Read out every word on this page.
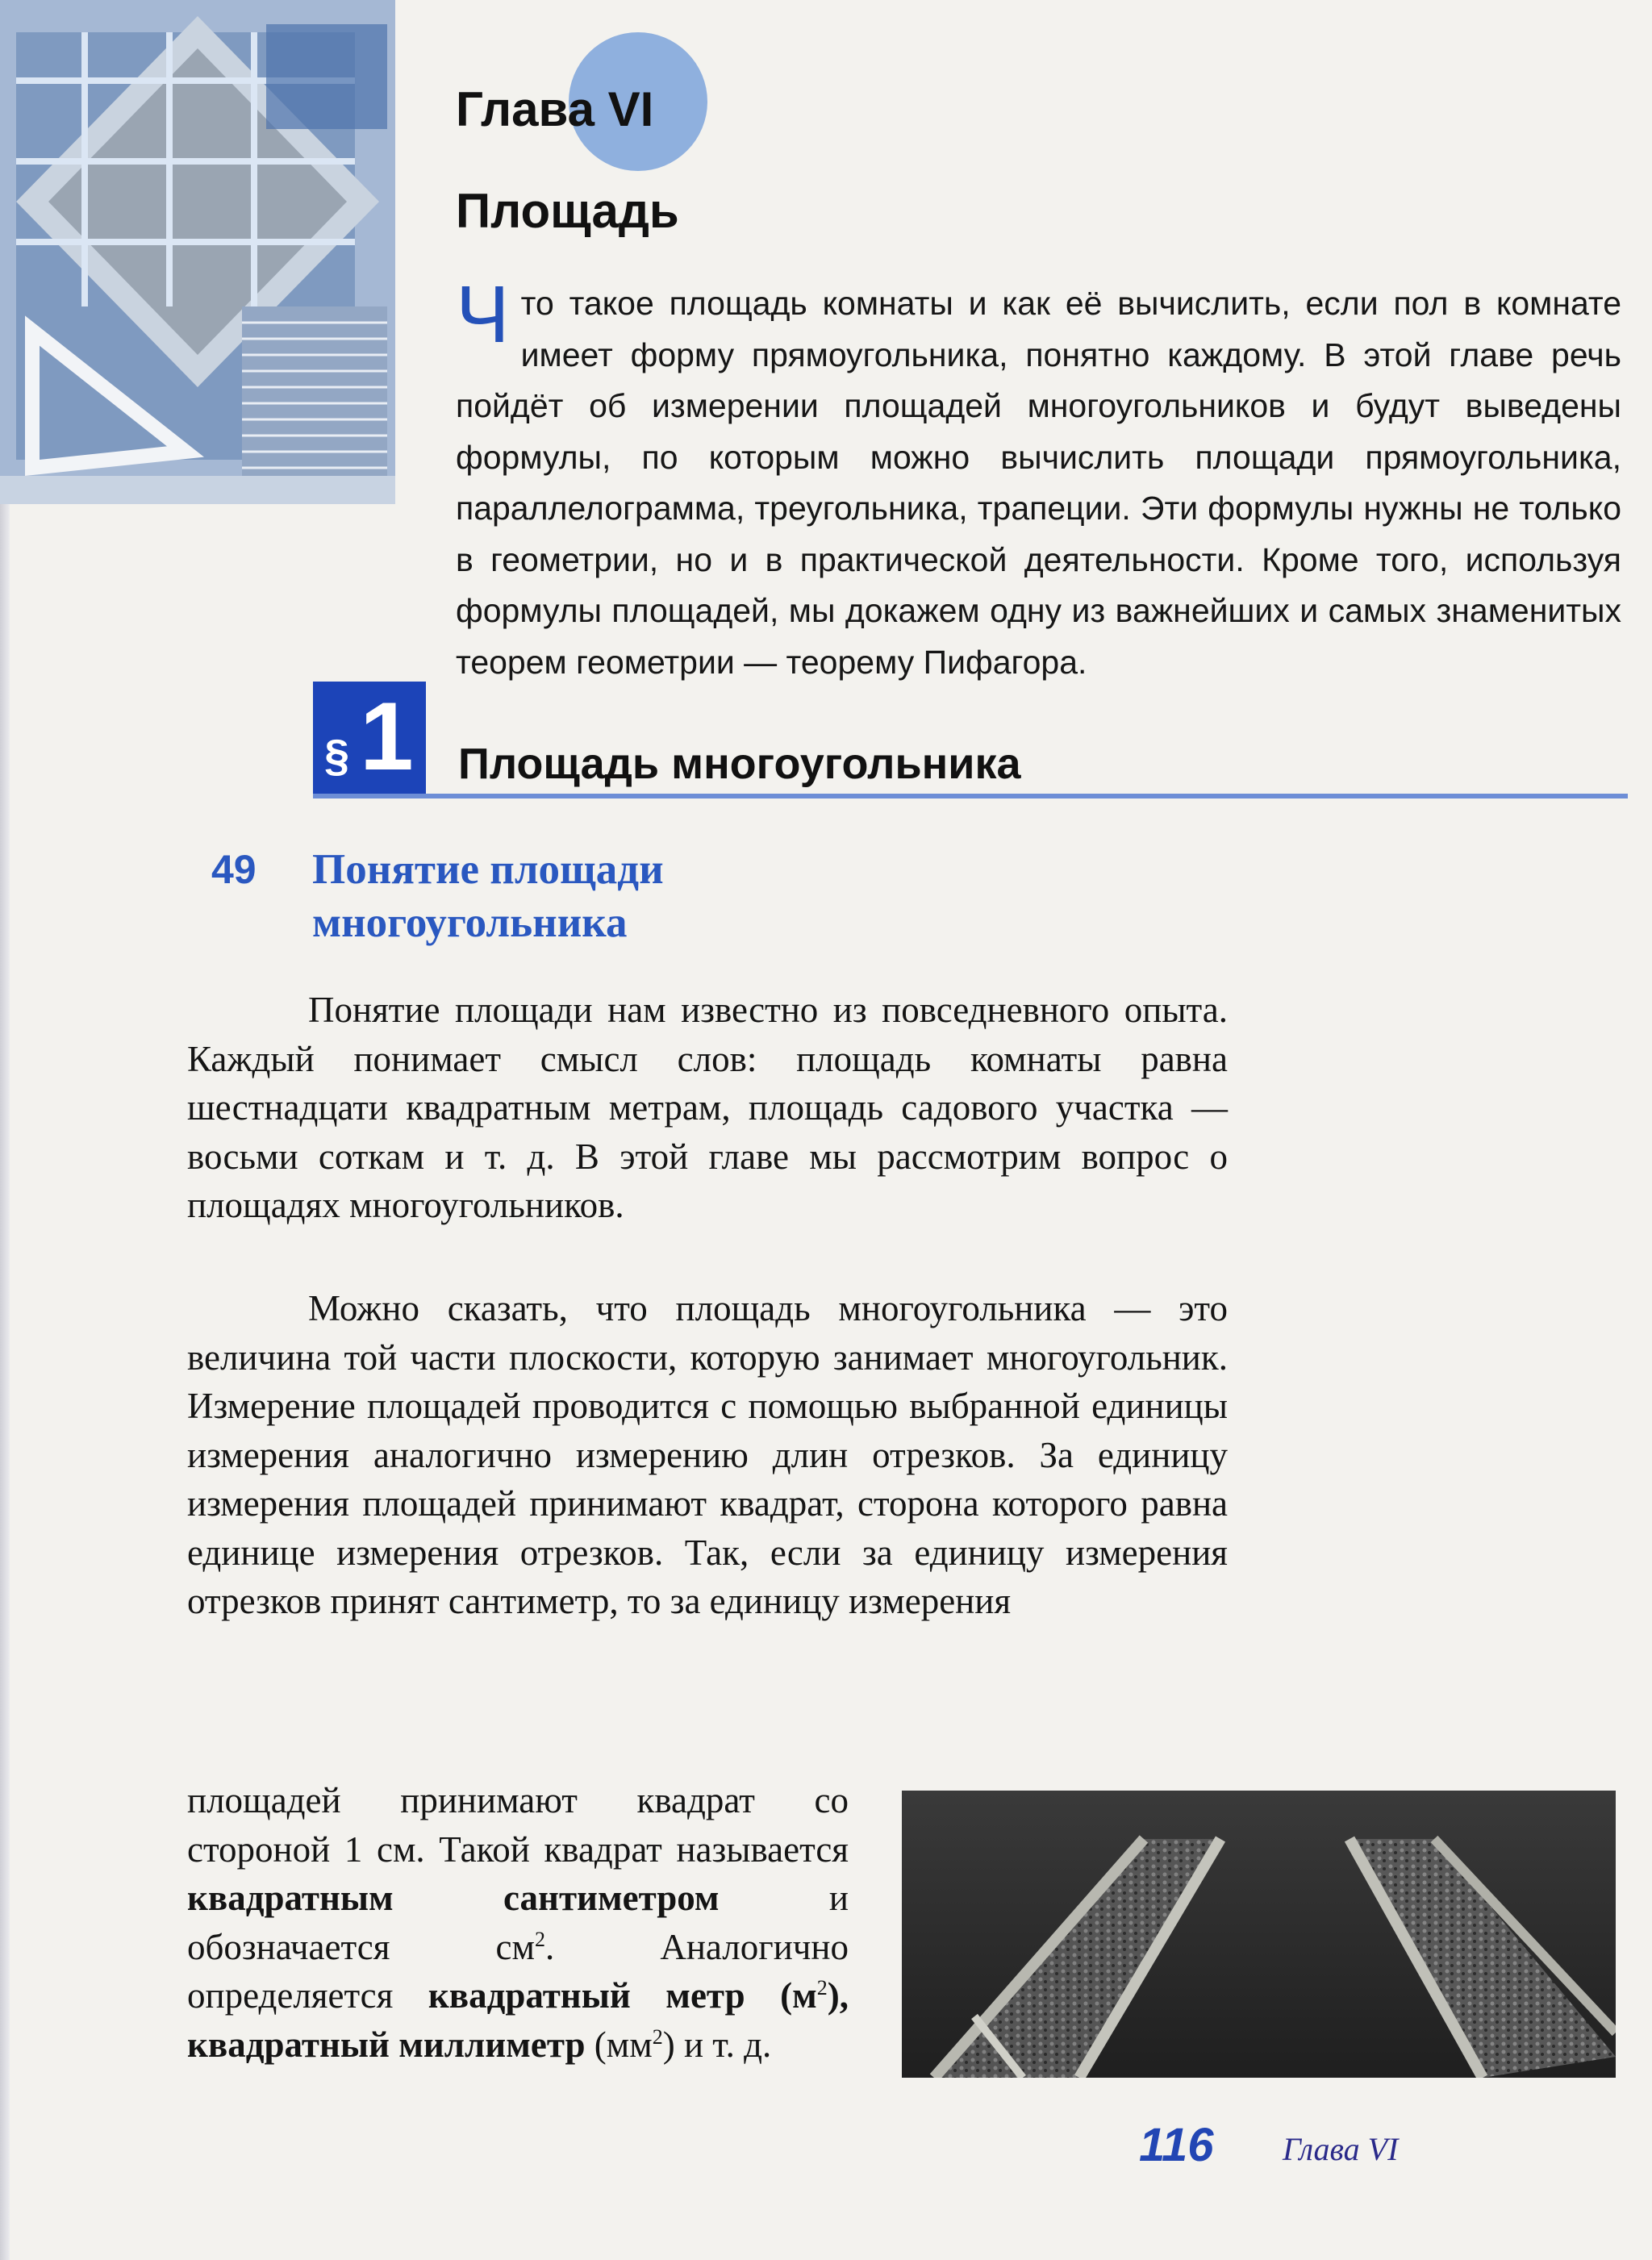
Глава VI
Площадь

Что такое площадь комнаты и как её вычислить, если пол в комнате имеет форму прямоугольника, понятно каждому. В этой главе речь пойдёт об измерении площадей многоугольников и будут выведены формулы, по которым можно вычислить площади прямоугольника, параллелограмма, треугольника, трапеции. Эти формулы нужны не только в геометрии, но и в практической деятельности. Кроме того, используя формулы площадей, мы докажем одну из важнейших и самых знаменитых теорем геометрии — теорему Пифагора.

§ 1 Площадь многоугольника
49 Понятие площади
многоугольника

Понятие площади нам известно из повседневного опыта. Каждый понимает смысл слов: площадь комнаты равна шестнадцати квадратным метрам, площадь садового участка — восьми соткам и т. д. В этой главе мы рассмотрим вопрос о площадях многоугольников.

Можно сказать, что площадь многоугольника — это величина той части плоскости, которую занимает многоугольник. Измерение площадей проводится с помощью выбранной единицы измерения аналогично измерению длин отрезков. За единицу измерения площадей принимают квадрат, сторона которого равна единице измерения отрезков. Так, если за единицу измерения отрезков принят сантиметр, то за единицу измерения

площадей принимают квадрат со стороной 1 см. Такой квадрат называется квадратным сантиметром и обозначается $см^2$. Аналогично определяется квадратный метр $(м^2)$, квадратный миллиметр $(мм^2)$ и т. д.

116 Глава VI
